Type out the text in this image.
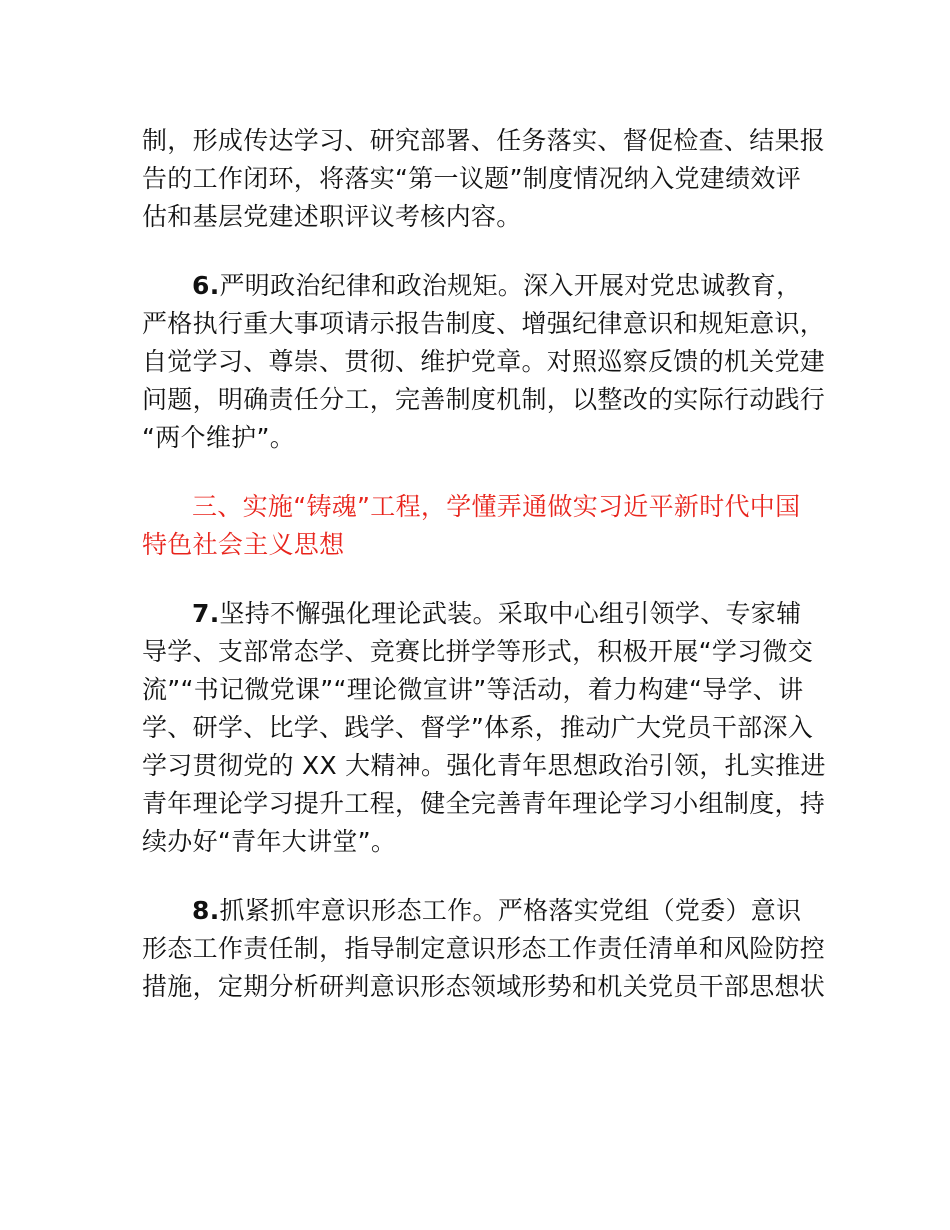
制，形成传达学习、研究部署、任务落实、督促检查、结果报
告的工作闭环，将落实“第一议题”制度情况纳入党建绩效评
估和基层党建述职评议考核内容。

6.严明政治纪律和政治规矩。深入开展对党忠诚教育，
严格执行重大事项请示报告制度、增强纪律意识和规矩意识，
自觉学习、尊崇、贯彻、维护党章。对照巡察反馈的机关党建
问题，明确责任分工，完善制度机制，以整改的实际行动践行
“两个维护”。

三、实施“铸魂”工程，学懂弄通做实习近平新时代中国
特色社会主义思想

7.坚持不懈强化理论武装。采取中心组引领学、专家辅
导学、支部常态学、竞赛比拼学等形式，积极开展“学习微交
流”“书记微党课”“理论微宣讲”等活动，着力构建“导学、讲
学、研学、比学、践学、督学”体系，推动广大党员干部深入
学习贯彻党的 XX 大精神。强化青年思想政治引领，扎实推进
青年理论学习提升工程，健全完善青年理论学习小组制度，持
续办好“青年大讲堂”。

8.抓紧抓牢意识形态工作。严格落实党组（党委）意识
形态工作责任制，指导制定意识形态工作责任清单和风险防控
措施，定期分析研判意识形态领域形势和机关党员干部思想状
